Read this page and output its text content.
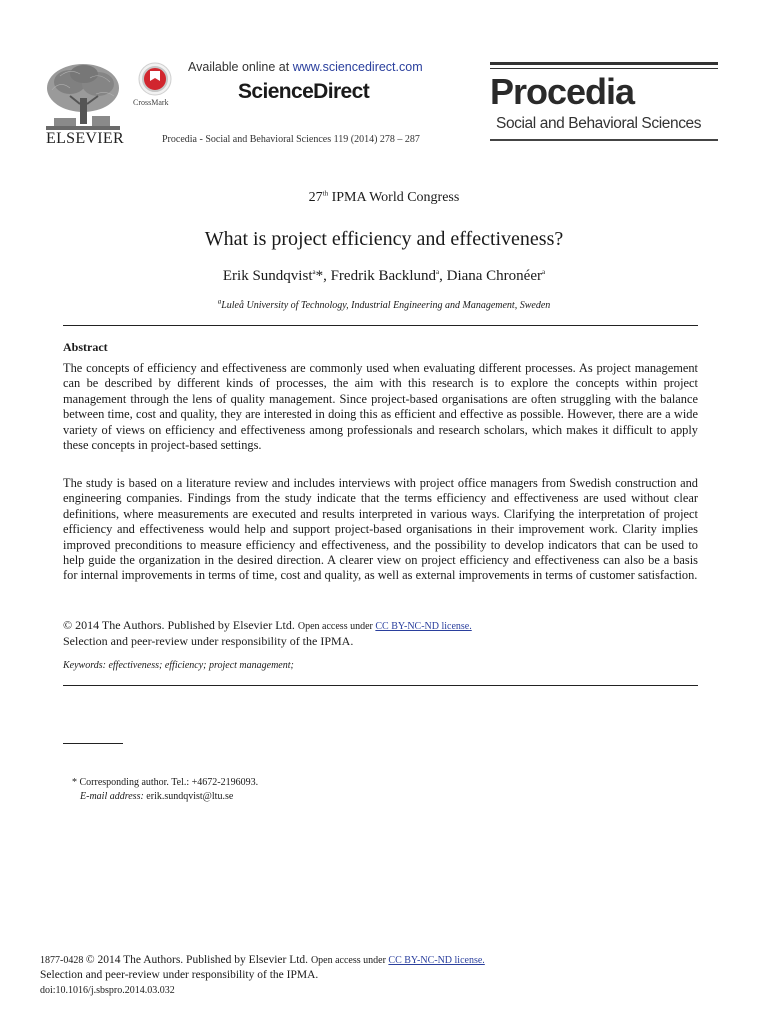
ELSEVIER
CrossMark
Available online at www.sciencedirect.com
ScienceDirect
Procedia - Social and Behavioral Sciences 119 (2014) 278 – 287
Procedia
Social and Behavioral Sciences
27th IPMA World Congress
What is project efficiency and effectiveness?
Erik Sundqvist$^a$*, Fredrik Backlund$^a$, Diana Chronéer$^a$
$^a$Luleå University of Technology, Industrial Engineering and Management, Sweden
Abstract
The concepts of efficiency and effectiveness are commonly used when evaluating different processes. As project management can be described by different kinds of processes, the aim with this research is to explore the concepts within project management through the lens of quality management. Since project-based organisations are often struggling with the balance between time, cost and quality, they are interested in doing this as efficient and effective as possible. However, there are a wide variety of views on efficiency and effectiveness among professionals and research scholars, which makes it difficult to apply these concepts in project-based settings.
The study is based on a literature review and includes interviews with project office managers from Swedish construction and engineering companies. Findings from the study indicate that the terms efficiency and effectiveness are used without clear definitions, where measurements are executed and results interpreted in various ways. Clarifying the interpretation of project efficiency and effectiveness would help and support project-based organisations in their improvement work. Clarity implies improved preconditions to measure efficiency and effectiveness, and the possibility to develop indicators that can be used to help guide the organization in the desired direction. A clearer view on project efficiency and effectiveness can also be a basis for internal improvements in terms of time, cost and quality, as well as external improvements in terms of customer satisfaction.
© 2014 The Authors. Published by Elsevier Ltd. Open access under CC BY-NC-ND license.
Selection and peer-review under responsibility of the IPMA.
Keywords: effectiveness; efficiency; project management;
* Corresponding author. Tel.: +4672-2196093.
E-mail address: erik.sundqvist@ltu.se
1877-0428 © 2014 The Authors. Published by Elsevier Ltd. Open access under CC BY-NC-ND license.
Selection and peer-review under responsibility of the IPMA.
doi:10.1016/j.sbspro.2014.03.032
